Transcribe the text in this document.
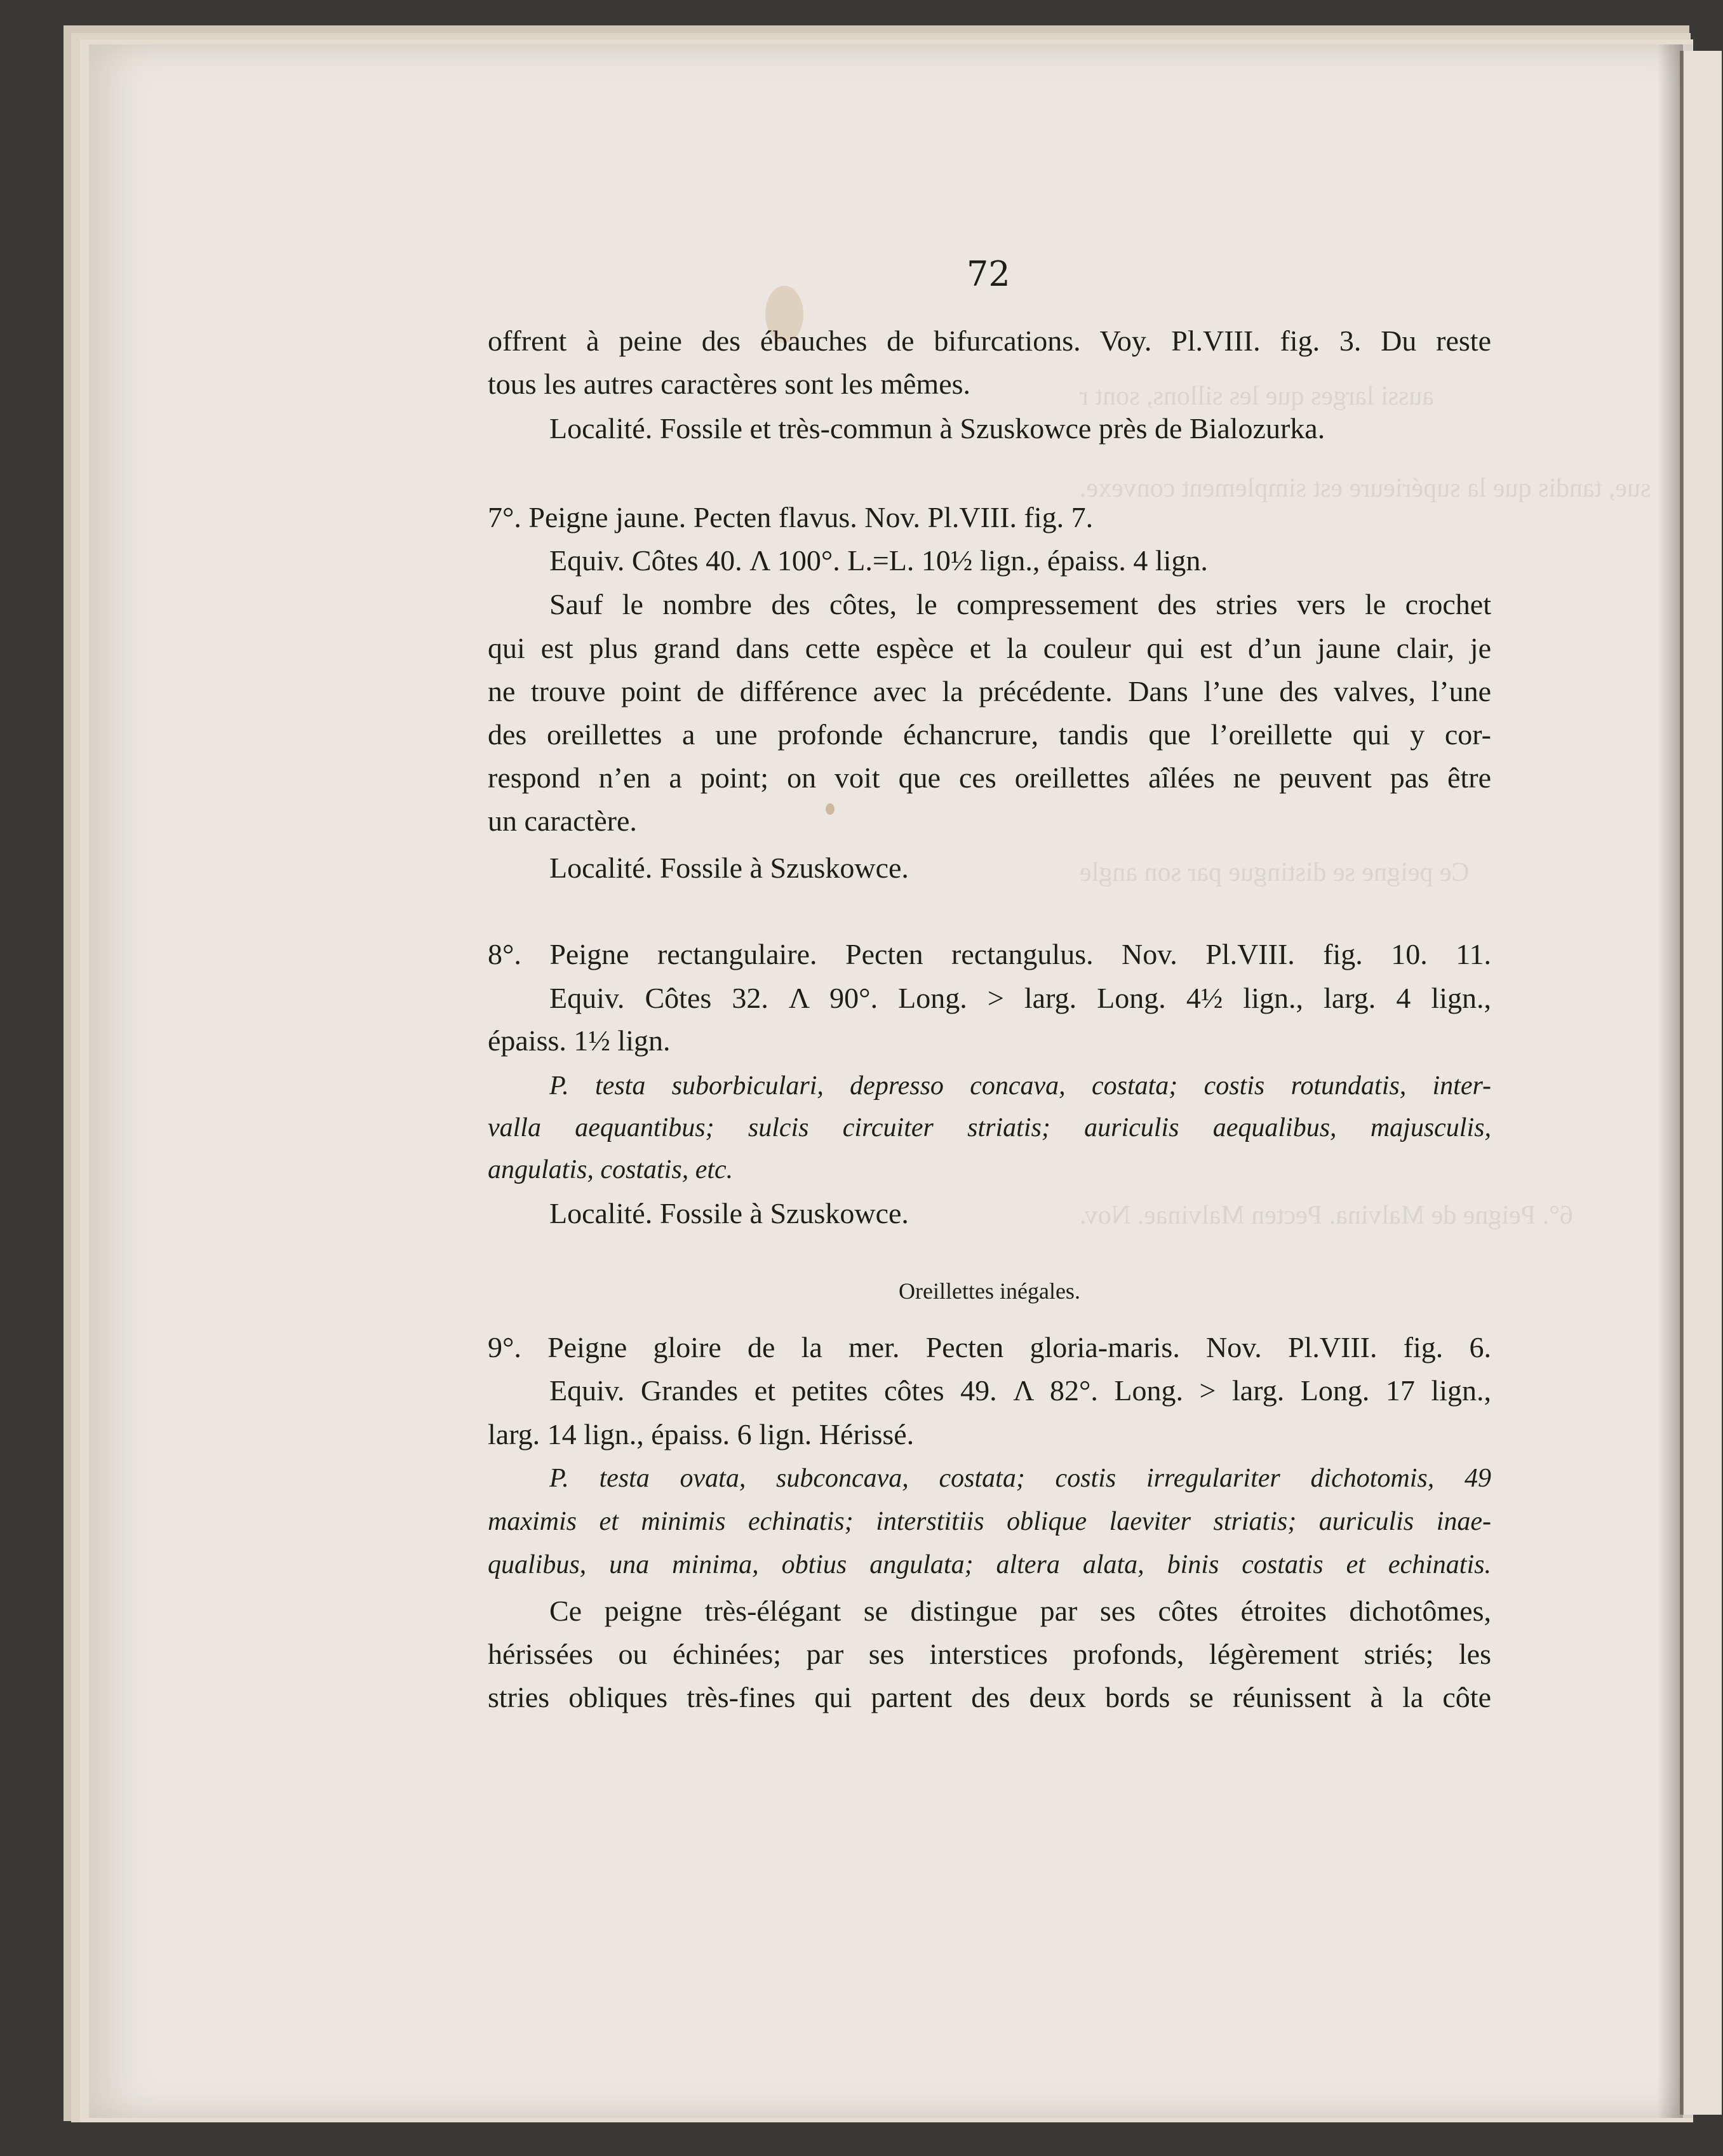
aussi larges que les sillons, sont r
sue, tandis que la supérieure est simplement convexe.
Ce peigne se distingue par son angle
6°. Peigne de Malvina. Pecten Malvinae. Nov.
72
offrent à peine des ébauches de bifurcations. Voy. Pl.VIII. fig. 3. Du reste
tous les autres caractères sont les mêmes.
Localité. Fossile et très-commun à Szuskowce près de Bialozurka.
7°. Peigne jaune. Pecten flavus. Nov. Pl.VIII. fig. 7.
Equiv. Côtes 40. Λ 100°. L.=L. 10½ lign., épaiss. 4 lign.
Sauf le nombre des côtes, le compressement des stries vers le crochet
qui est plus grand dans cette espèce et la couleur qui est d’un jaune clair, je
ne trouve point de différence avec la précédente. Dans l’une des valves, l’une
des oreillettes a une profonde échancrure, tandis que l’oreillette qui y cor-
respond n’en a point; on voit que ces oreillettes aîlées ne peuvent pas être
un caractère.
Localité. Fossile à Szuskowce.
8°. Peigne rectangulaire. Pecten rectangulus. Nov. Pl.VIII. fig. 10. 11.
Equiv. Côtes 32. Λ 90°. Long. > larg. Long. 4½ lign., larg. 4 lign.,
épaiss. 1½ lign.
P. testa suborbiculari, depresso concava, costata; costis rotundatis, inter-
valla aequantibus; sulcis circuiter striatis; auriculis aequalibus, majusculis,
angulatis, costatis, etc.
Localité. Fossile à Szuskowce.
Oreillettes inégales.
9°. Peigne gloire de la mer. Pecten gloria-maris. Nov. Pl.VIII. fig. 6.
Equiv. Grandes et petites côtes 49. Λ 82°. Long. > larg. Long. 17 lign.,
larg. 14 lign., épaiss. 6 lign. Hérissé.
P. testa ovata, subconcava, costata; costis irregulariter dichotomis, 49
maximis et minimis echinatis; interstitiis oblique laeviter striatis; auriculis inae-
qualibus, una minima, obtius angulata; altera alata, binis costatis et echinatis.
Ce peigne très-élégant se distingue par ses côtes étroites dichotômes,
hérissées ou échinées; par ses interstices profonds, légèrement striés; les
stries obliques très-fines qui partent des deux bords se réunissent à la côte
